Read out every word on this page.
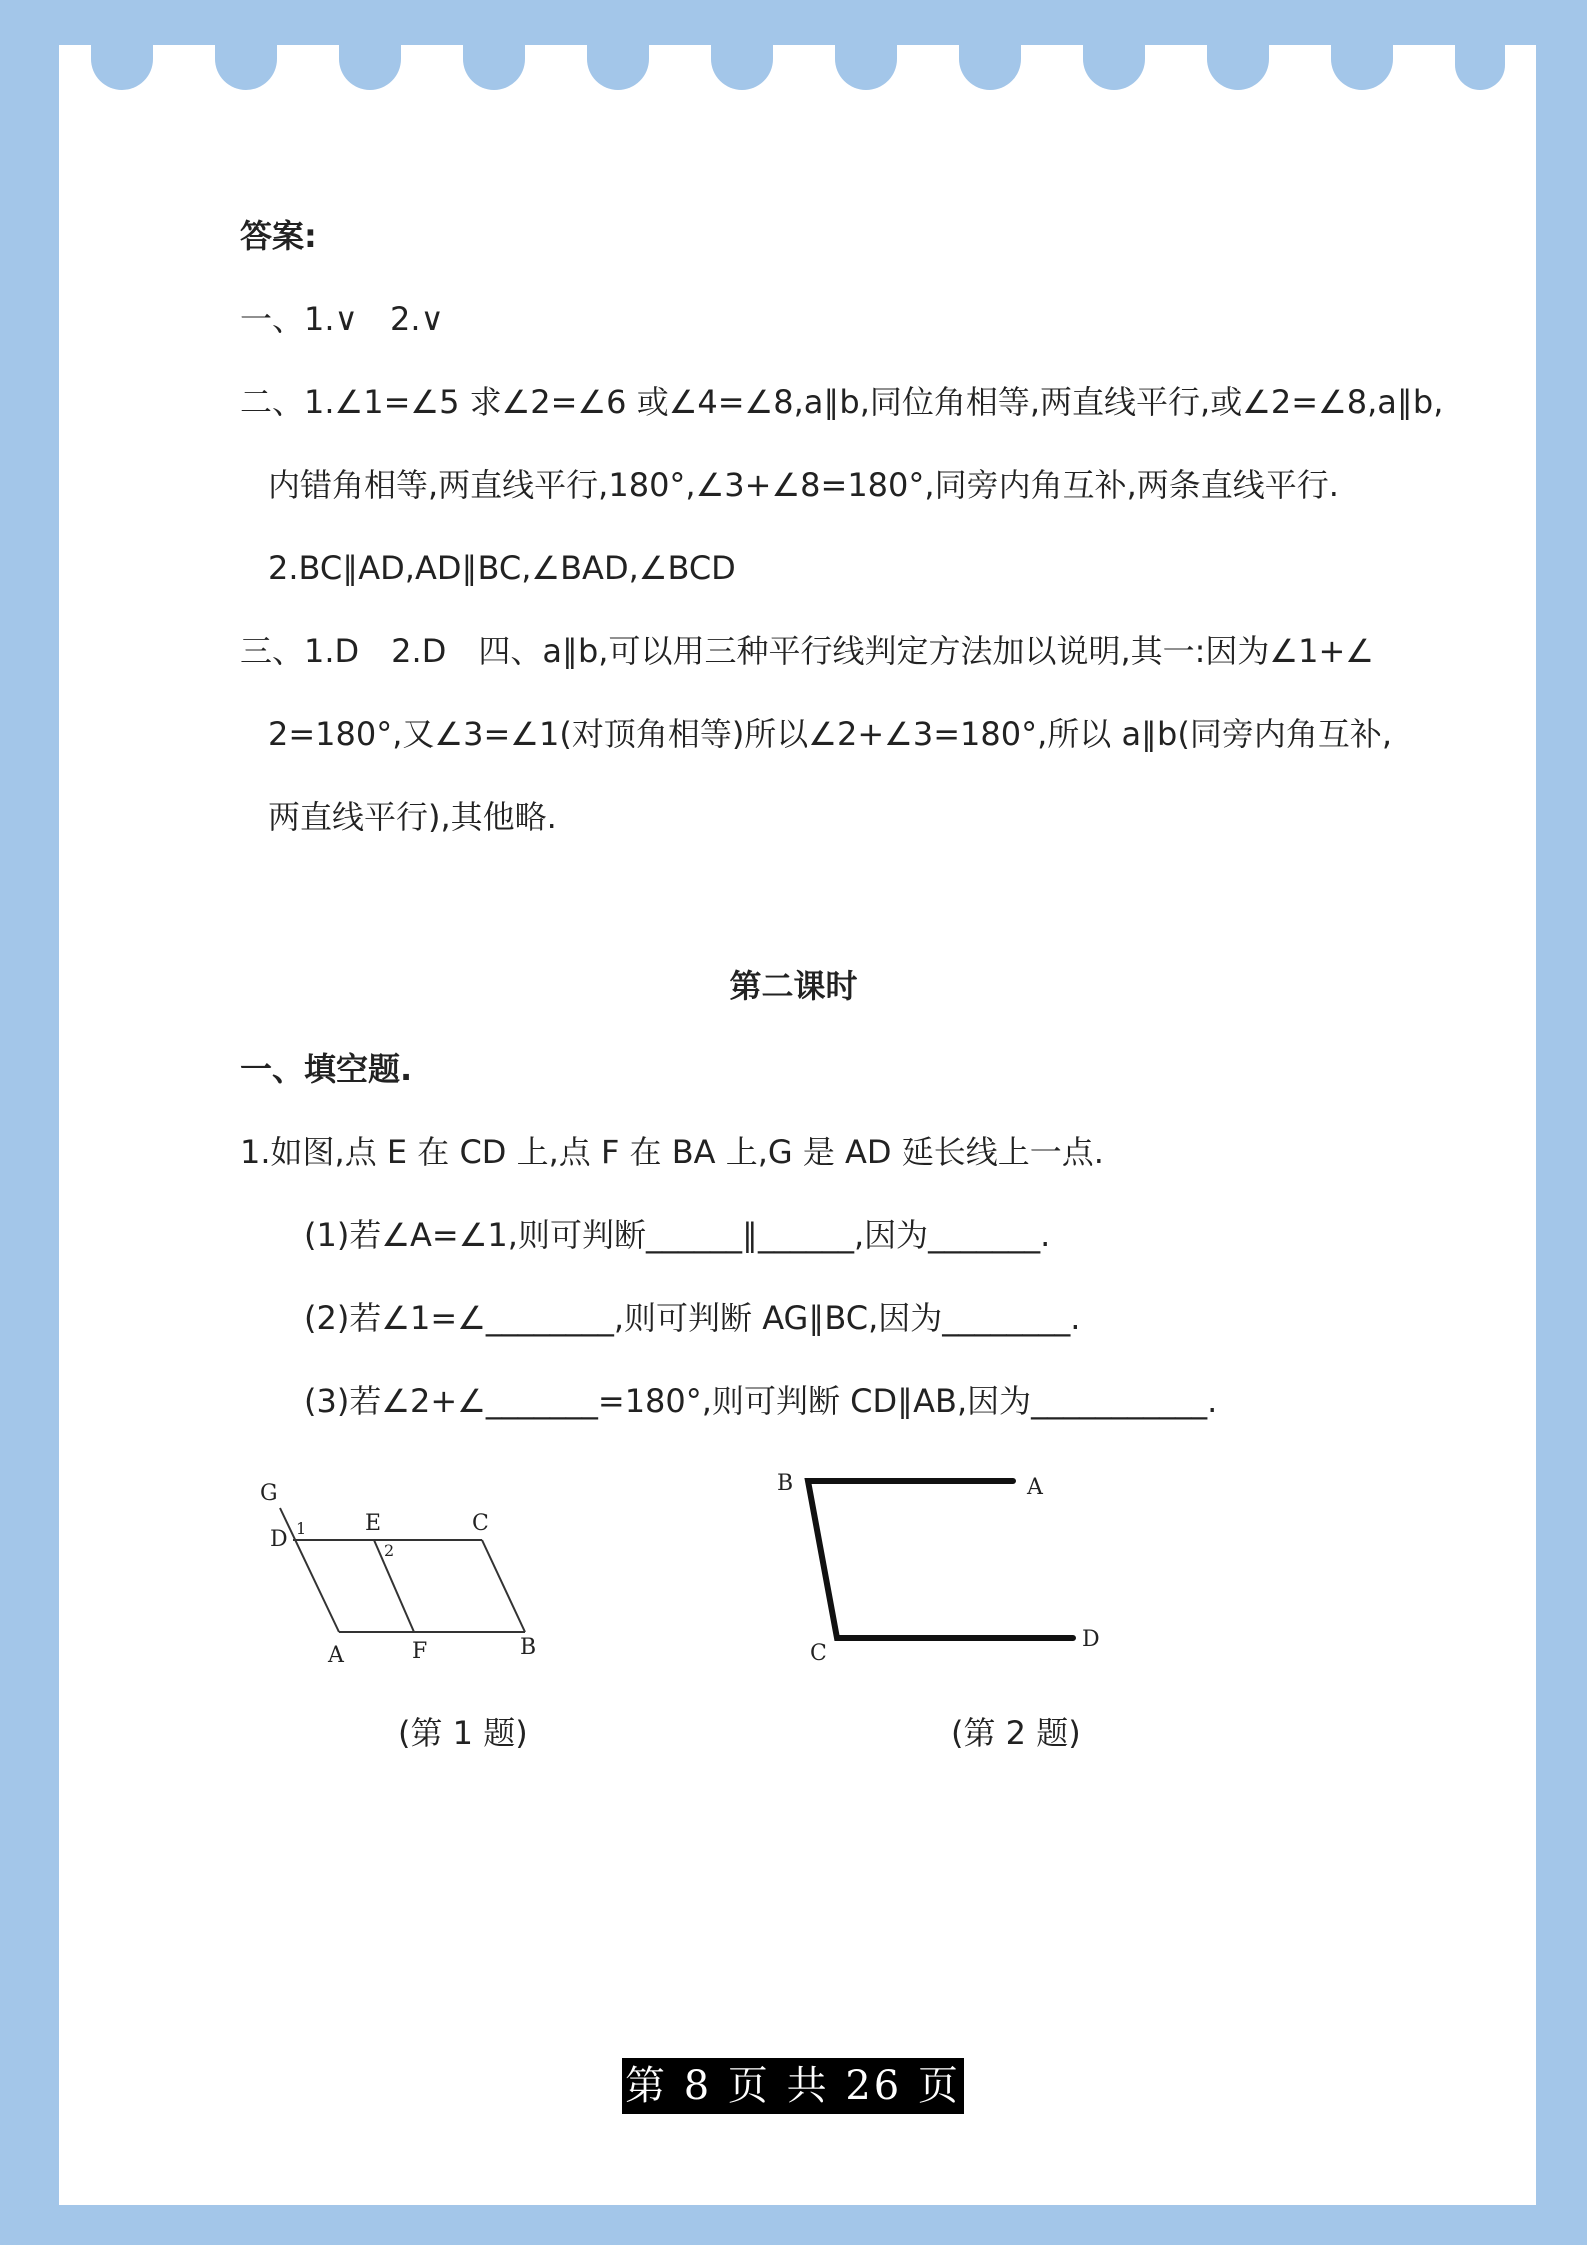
答案:
一、1.∨　2.∨
二、1.∠1=∠5 求∠2=∠6 或∠4=∠8,a∥b,同位角相等,两直线平行,或∠2=∠8,a∥b,
内错角相等,两直线平行,180°,∠3+∠8=180°,同旁内角互补,两条直线平行.
2.BC∥AD,AD∥BC,∠BAD,∠BCD
三、1.D　2.D　四、a∥b,可以用三种平行线判定方法加以说明,其一:因为∠1+∠
2=180°,又∠3=∠1(对顶角相等)所以∠2+∠3=180°,所以 a∥b(同旁内角互补,
两直线平行),其他略.
第二课时
一、填空题.
1.如图,点 E 在 CD 上,点 F 在 BA 上,G 是 AD 延长线上一点.
(1)若∠A=∠1,则可判断______∥______,因为_______.
(2)若∠1=∠________,则可判断 AG∥BC,因为________.
(3)若∠2+∠_______=180°,则可判断 CD∥AB,因为___________.
G
D 1	E
2
C
A	F	B
B	A
C
D
(第 1 题)	(第 2 题)
第 8 页 共 26 页
